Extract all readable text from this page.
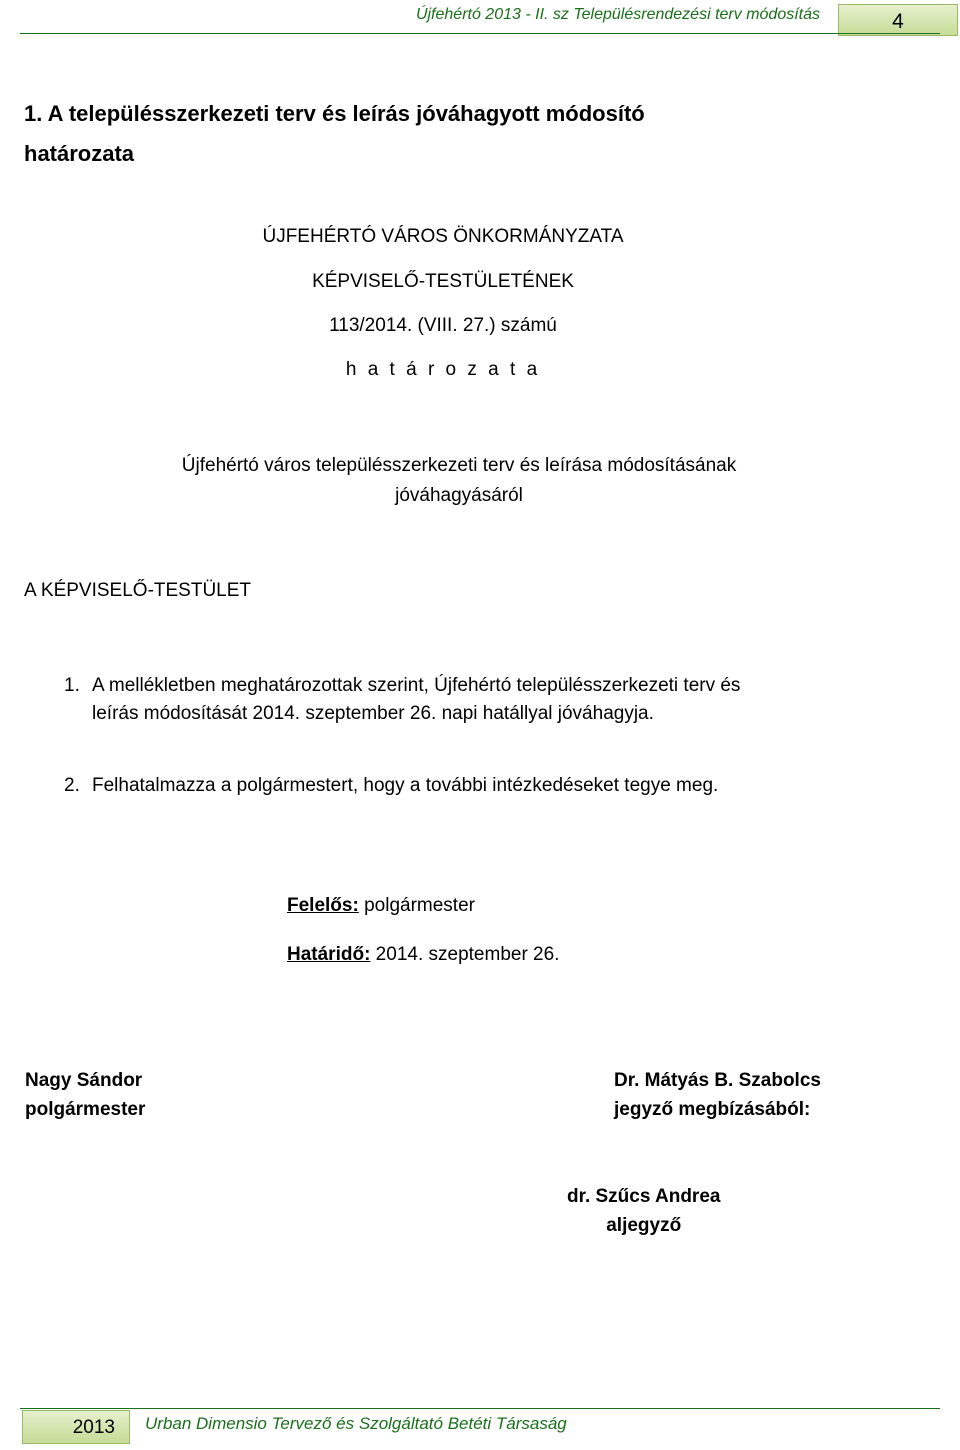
Újfehértó 2013 - II. sz Településrendezési terv módosítás	4
1. A településszerkezeti terv és leírás jóváhagyott módosító
határozata
ÚJFEHÉRTÓ VÁROS ÖNKORMÁNYZATA
KÉPVISELŐ-TESTÜLETÉNEK
113/2014. (VIII. 27.) számú
h a t á r o z a t a
Újfehértó város településszerkezeti terv és leírása módosításának
jóváhagyásáról
A KÉPVISELŐ-TESTÜLET
1. A mellékletben meghatározottak szerint, Újfehértó településszerkezeti terv és
leírás módosítását 2014. szeptember 26. napi hatállyal jóváhagyja.
2. Felhatalmazza a polgármestert, hogy a további intézkedéseket tegye meg.
Felelős: polgármester
Határidő: 2014. szeptember 26.
Nagy Sándor
polgármester
Dr. Mátyás B. Szabolcs
jegyző megbízásából:
dr. Szűcs Andrea
aljegyző
2013	Urban Dimensio Tervező és Szolgáltató Betéti Társaság
